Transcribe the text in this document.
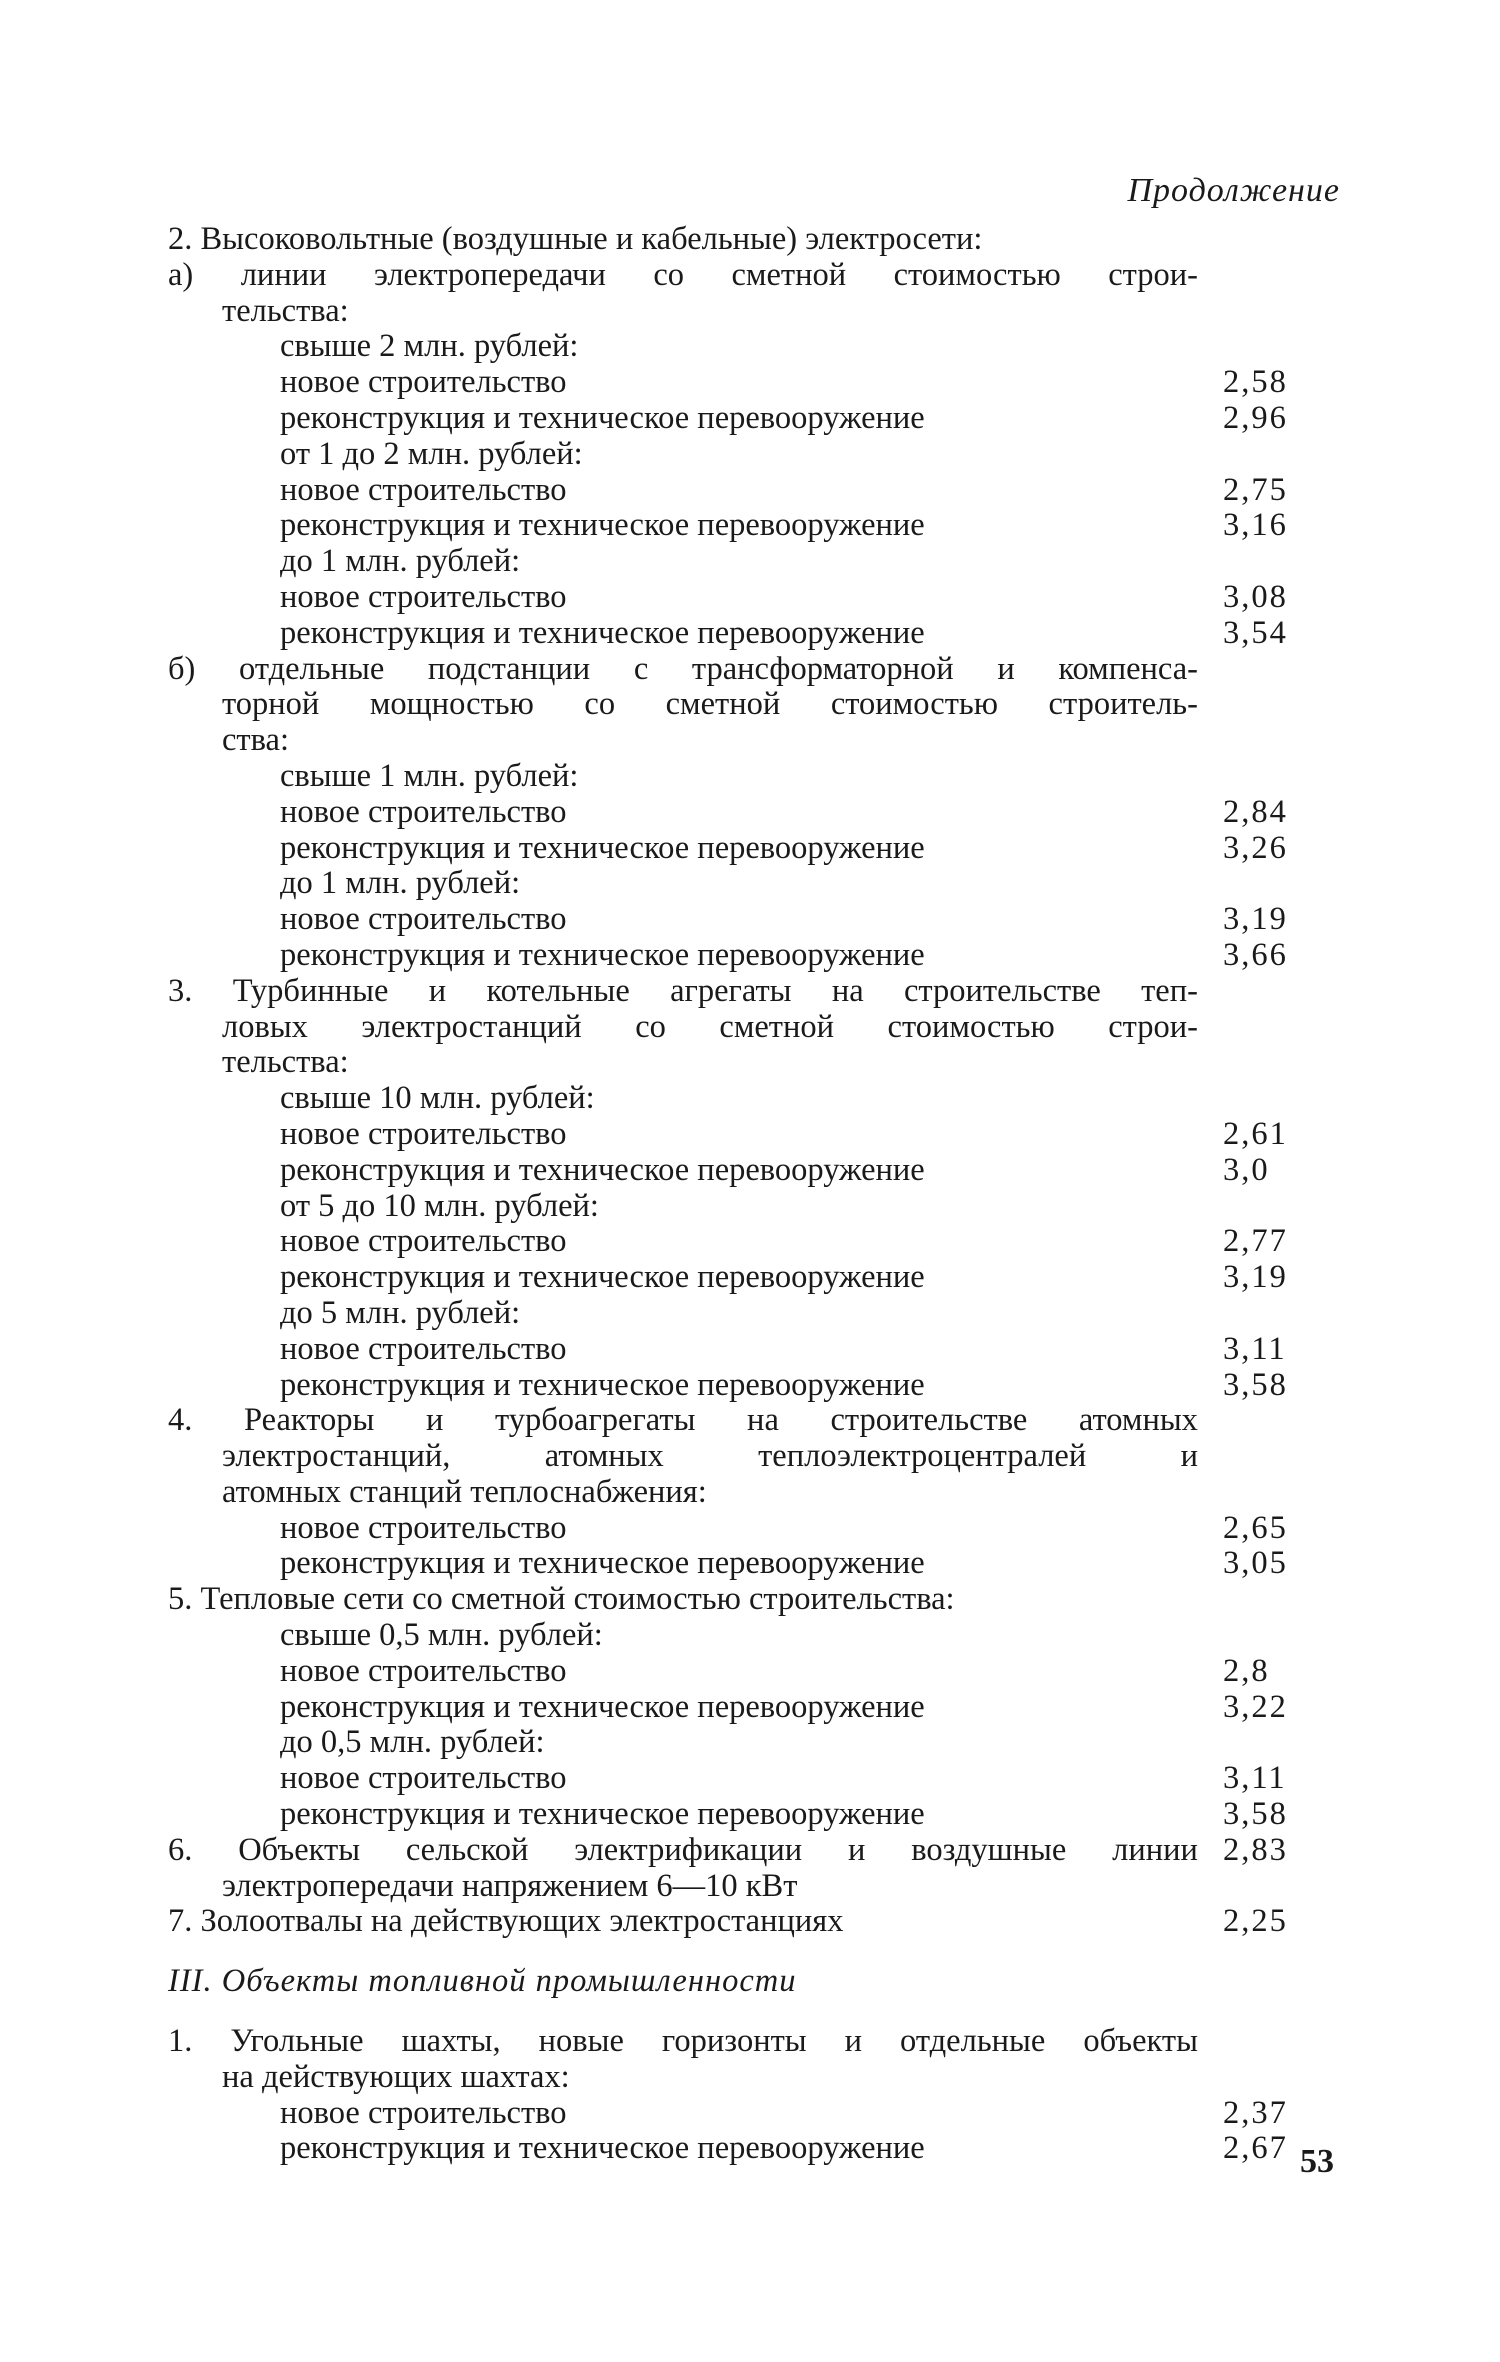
Продолжение
2. Высоковольтные (воздушные и кабельные) электросети:
а) линии электропередачи со сметной стоимостью строи-
тельства:
свыше 2 млн. рублей:
новое строительство	2,58
реконструкция и техническое перевооружение	2,96
от 1 до 2 млн. рублей:
новое строительство	2,75
реконструкция и техническое перевооружение	3,16
до 1 млн. рублей:
новое строительство	3,08
реконструкция и техническое перевооружение	3,54
б) отдельные подстанции с трансформаторной и компенса-
торной мощностью со сметной стоимостью строитель-
ства:
свыше 1 млн. рублей:
новое строительство	2,84
реконструкция и техническое перевооружение	3,26
до 1 млн. рублей:
новое строительство	3,19
реконструкция и техническое перевооружение	3,66
3. Турбинные и котельные агрегаты на строительстве теп-
ловых электростанций со сметной стоимостью строи-
тельства:
свыше 10 млн. рублей:
новое строительство	2,61
реконструкция и техническое перевооружение	3,0
от 5 до 10 млн. рублей:
новое строительство	2,77
реконструкция и техническое перевооружение	3,19
до 5 млн. рублей:
новое строительство	3,11
реконструкция и техническое перевооружение	3,58
4. Реакторы и турбоагрегаты на строительстве атомных
электростанций,	атомных	теплоэлектроцентралей	и
атомных станций теплоснабжения:
новое строительство	2,65
реконструкция и техническое перевооружение	3,05
5. Тепловые сети со сметной стоимостью строительства:
свыше 0,5 млн. рублей:
новое строительство	2,8
реконструкция и техническое перевооружение	3,22
до 0,5 млн. рублей:
новое строительство	3,11
реконструкция и техническое перевооружение	3,58
6. Объекты сельской электрификации и воздушные линии 2,83
электропередачи напряжением 6—10 кВт
7. Золоотвалы на действующих электростанциях	2,25
III. Объекты топливной промышленности
1. Угольные шахты, новые горизонты и отдельные объекты
на действующих шахтах:
новое строительство	2,37
реконструкция и техническое перевооружение	2,67 53
